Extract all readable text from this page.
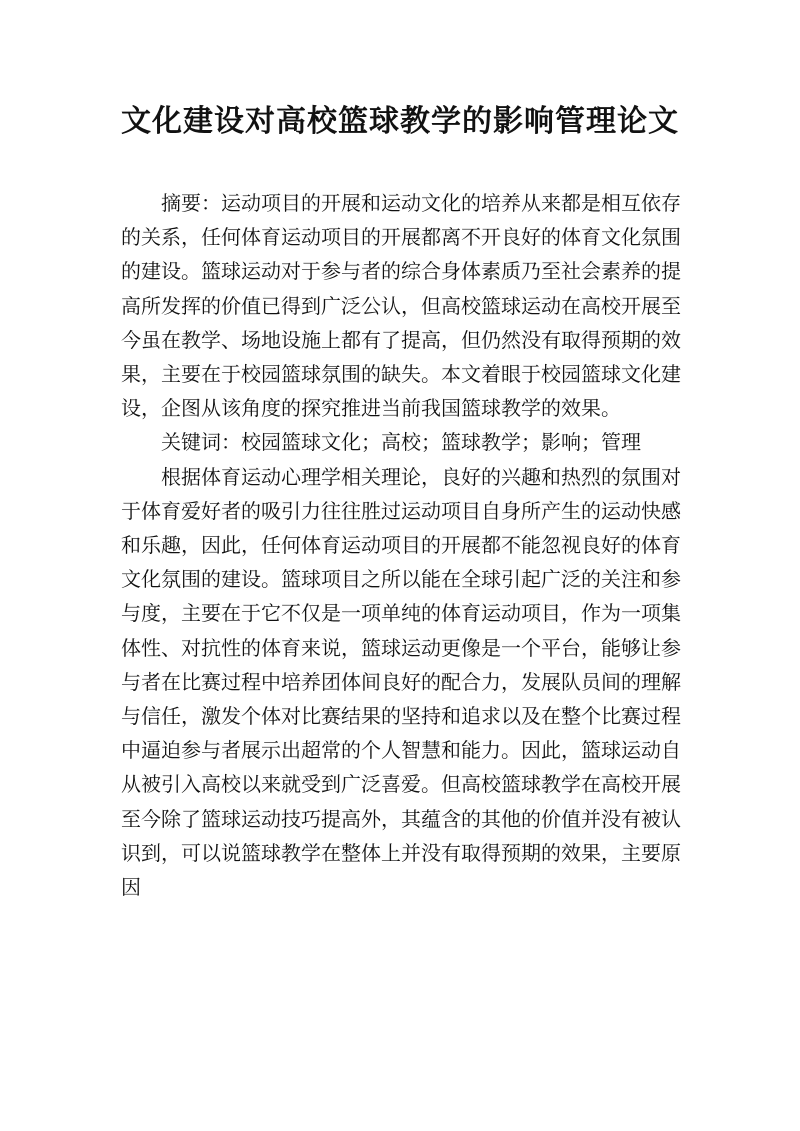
文化建设对高校篮球教学的影响管理论文

摘要：运动项目的开展和运动文化的培养从来都是相互依存的关系，任何体育运动项目的开展都离不开良好的体育文化氛围的建设。篮球运动对于参与者的综合身体素质乃至社会素养的提高所发挥的价值已得到广泛公认，但高校篮球运动在高校开展至今虽在教学、场地设施上都有了提高，但仍然没有取得预期的效果，主要在于校园篮球氛围的缺失。本文着眼于校园篮球文化建设，企图从该角度的探究推进当前我国篮球教学的效果。

关键词：校园篮球文化；高校；篮球教学；影响；管理

根据体育运动心理学相关理论，良好的兴趣和热烈的氛围对于体育爱好者的吸引力往往胜过运动项目自身所产生的运动快感和乐趣，因此，任何体育运动项目的开展都不能忽视良好的体育文化氛围的建设。篮球项目之所以能在全球引起广泛的关注和参与度，主要在于它不仅是一项单纯的体育运动项目，作为一项集体性、对抗性的体育来说，篮球运动更像是一个平台，能够让参与者在比赛过程中培养团体间良好的配合力，发展队员间的理解与信任，激发个体对比赛结果的坚持和追求以及在整个比赛过程中逼迫参与者展示出超常的个人智慧和能力。因此，篮球运动自从被引入高校以来就受到广泛喜爱。但高校篮球教学在高校开展至今除了篮球运动技巧提高外，其蕴含的其他的价值并没有被认识到，可以说篮球教学在整体上并没有取得预期的效果，主要原因
